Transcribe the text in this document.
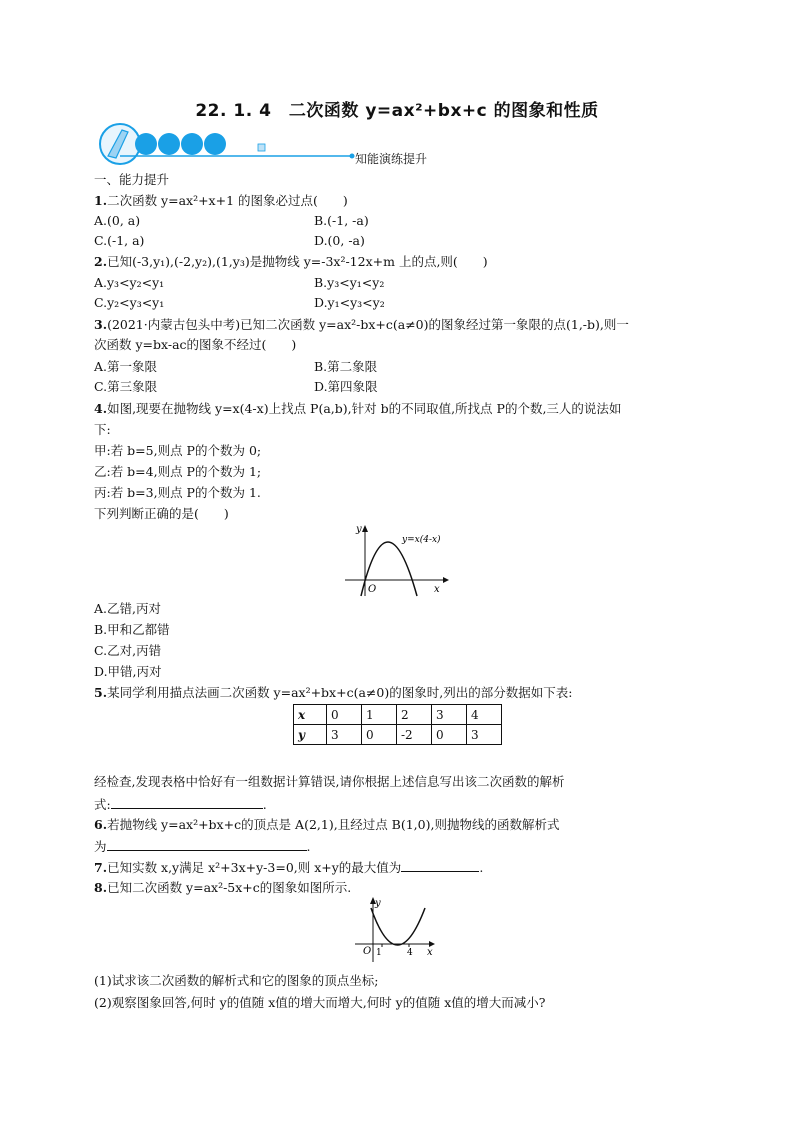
22. 1. 4　二次函数 y=ax²+bx+c 的图象和性质
知能演练提升
一、能力提升
1.二次函数 y=ax²+x+1 的图象必过点(　　)
A.(0, a)	B.(-1, -a)
C.(-1, a)	D.(0, -a)
2.已知(-3,y₁),(-2,y₂),(1,y₃)是抛物线 y=-3x²-12x+m 上的点,则(　　)
A.y₃<y₂<y₁	B.y₃<y₁<y₂
C.y₂<y₃<y₁	D.y₁<y₃<y₂
3.(2021·内蒙古包头中考)已知二次函数 y=ax²-bx+c(a≠0)的图象经过第一象限的点(1,-b),则一
次函数 y=bx-ac的图象不经过(　　)
A.第一象限	B.第二象限
C.第三象限	D.第四象限
4.如图,现要在抛物线 y=x(4-x)上找点 P(a,b),针对 b的不同取值,所找点 P的个数,三人的说法如
下:
甲:若 b=5,则点 P的个数为 0;
乙:若 b=4,则点 P的个数为 1;
丙:若 b=3,则点 P的个数为 1.
下列判断正确的是(　　)
y=x(4-x)
O	x
y
A.乙错,丙对
B.甲和乙都错
C.乙对,丙错
D.甲错,丙对
5.某同学利用描点法画二次函数 y=ax²+bx+c(a≠0)的图象时,列出的部分数据如下表:
x	0	1	2	3	4
y	3	0	-2	0	3
经检查,发现表格中恰好有一组数据计算错误,请你根据上述信息写出该二次函数的解析
式:	.
6.若抛物线 y=ax²+bx+c的顶点是 A(2,1),且经过点 B(1,0),则抛物线的函数解析式
为	.
7.已知实数 x,y满足 x²+3x+y-3=0,则 x+y的最大值为	.
8.已知二次函数 y=ax²-5x+c的图象如图所示.
O 1	4 x
y
(1)试求该二次函数的解析式和它的图象的顶点坐标;
(2)观察图象回答,何时 y的值随 x值的增大而增大,何时 y的值随 x值的增大而减小?
